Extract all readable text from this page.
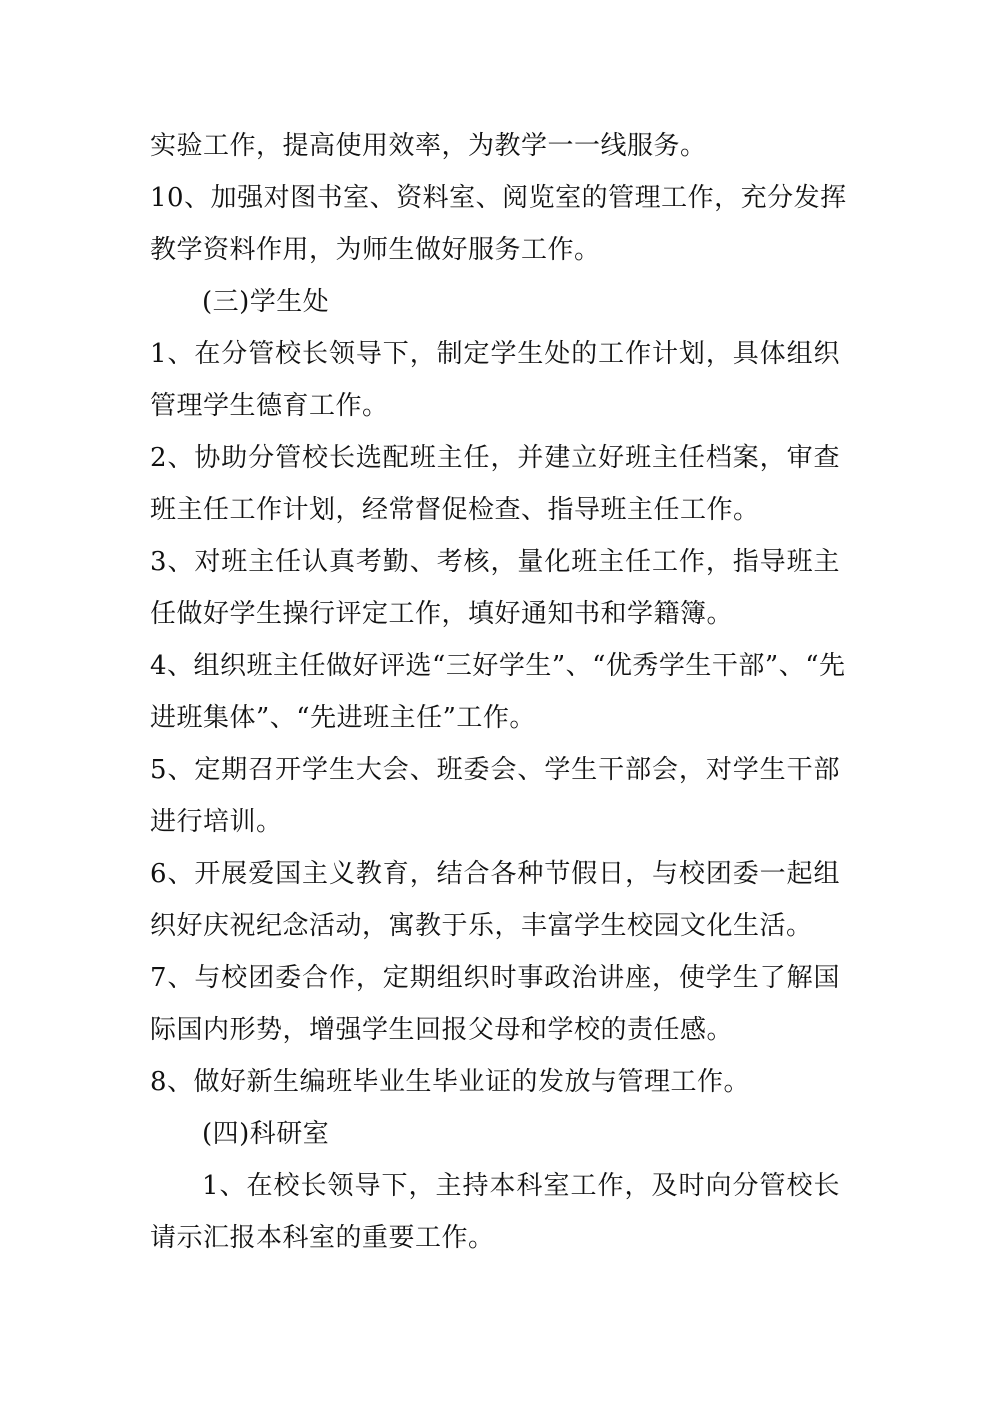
实验工作，提高使用效率，为教学一一线服务。
10、加强对图书室、资料室、阅览室的管理工作，充分发挥
教学资料作用，为师生做好服务工作。
(三)学生处
1、在分管校长领导下，制定学生处的工作计划，具体组织
管理学生德育工作。
2、协助分管校长选配班主任，并建立好班主任档案，审查
班主任工作计划，经常督促检查、指导班主任工作。
3、对班主任认真考勤、考核，量化班主任工作，指导班主
任做好学生操行评定工作，填好通知书和学籍簿。
4、组织班主任做好评选“三好学生”、“优秀学生干部”、“先
进班集体”、“先进班主任”工作。
5、定期召开学生大会、班委会、学生干部会，对学生干部
进行培训。
6、开展爱国主义教育，结合各种节假日，与校团委一起组
织好庆祝纪念活动，寓教于乐，丰富学生校园文化生活。
7、与校团委合作，定期组织时事政治讲座，使学生了解国
际国内形势，增强学生回报父母和学校的责任感。
8、做好新生编班毕业生毕业证的发放与管理工作。
(四)科研室
1、在校长领导下，主持本科室工作，及时向分管校长
请示汇报本科室的重要工作。
